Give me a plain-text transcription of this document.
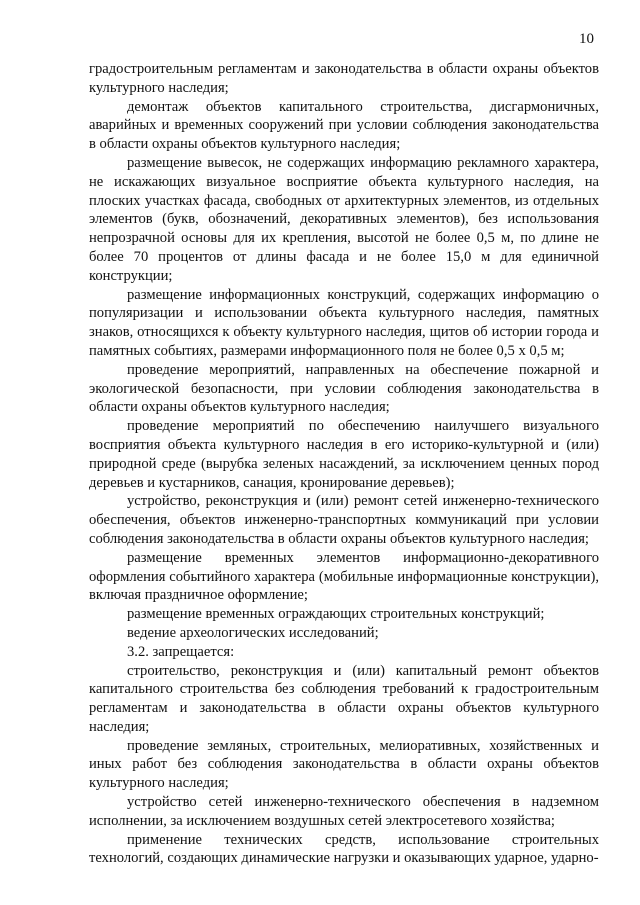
10

градостроительным регламентам и законодательства в области охраны объектов культурного наследия;

демонтаж объектов капитального строительства, дисгармоничных, аварийных и временных сооружений при условии соблюдения законодательства в области охраны объектов культурного наследия;

размещение вывесок, не содержащих информацию рекламного характера, не искажающих визуальное восприятие объекта культурного наследия, на плоских участках фасада, свободных от архитектурных элементов, из отдельных элементов (букв, обозначений, декоративных элементов), без использования непрозрачной основы для их крепления, высотой не более 0,5 м, по длине не более 70 процентов от длины фасада и не более 15,0 м для единичной конструкции;

размещение информационных конструкций, содержащих информацию о популяризации и использовании объекта культурного наследия, памятных знаков, относящихся к объекту культурного наследия, щитов об истории города и памятных событиях, размерами информационного поля не более 0,5 х 0,5 м;

проведение мероприятий, направленных на обеспечение пожарной и экологической безопасности, при условии соблюдения законодательства в области охраны объектов культурного наследия;

проведение мероприятий по обеспечению наилучшего визуального восприятия объекта культурного наследия в его историко-культурной и (или) природной среде (вырубка зеленых насаждений, за исключением ценных пород деревьев и кустарников, санация, кронирование деревьев);

устройство, реконструкция и (или) ремонт сетей инженерно-технического обеспечения, объектов инженерно-транспортных коммуникаций при условии соблюдения законодательства в области охраны объектов культурного наследия;

размещение временных элементов информационно-декоративного оформления событийного характера (мобильные информационные конструкции), включая праздничное оформление;

размещение временных ограждающих строительных конструкций;

ведение археологических исследований;

3.2. запрещается:

строительство, реконструкция и (или) капитальный ремонт объектов капитального строительства без соблюдения требований к градостроительным регламентам и законодательства в области охраны объектов культурного наследия;

проведение земляных, строительных, мелиоративных, хозяйственных и иных работ без соблюдения законодательства в области охраны объектов культурного наследия;

устройство сетей инженерно-технического обеспечения в надземном исполнении, за исключением воздушных сетей электросетевого хозяйства;

применение технических средств, использование строительных технологий, создающих динамические нагрузки и оказывающих ударное, ударно-
